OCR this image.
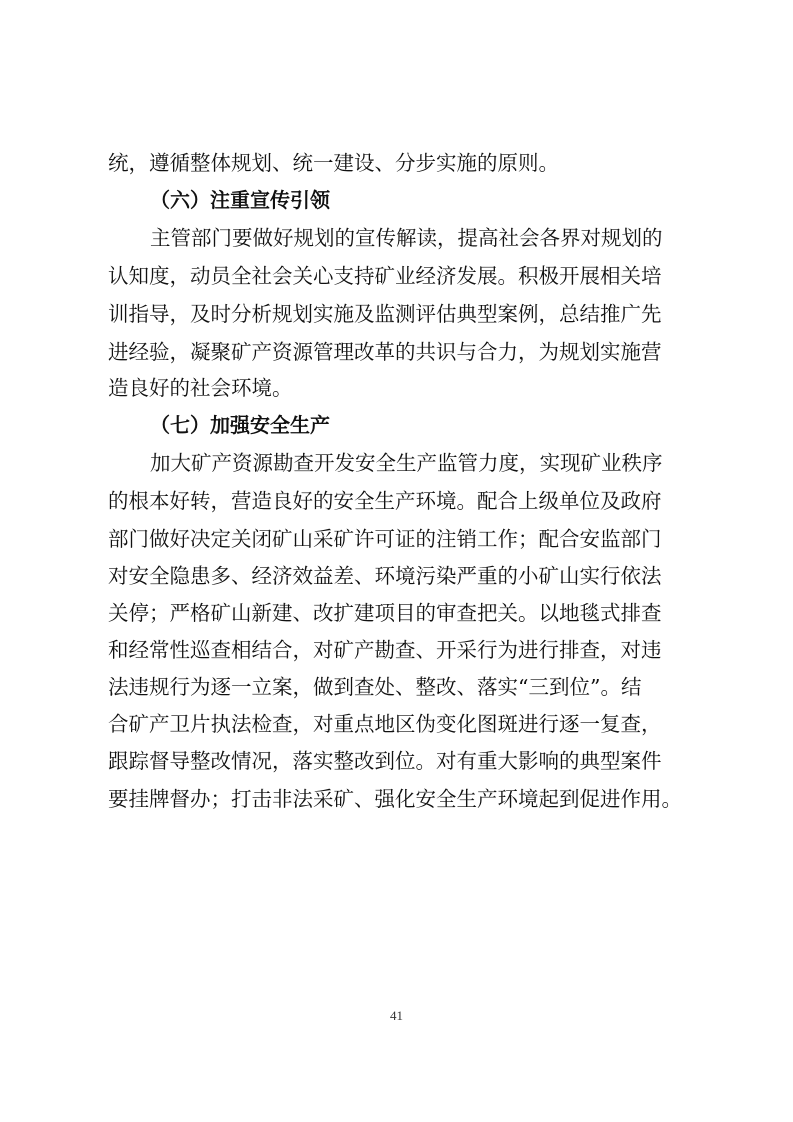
统，遵循整体规划、统一建设、分步实施的原则。
（六）注重宣传引领
主管部门要做好规划的宣传解读，提高社会各界对规划的
认知度，动员全社会关心支持矿业经济发展。积极开展相关培
训指导，及时分析规划实施及监测评估典型案例，总结推广先
进经验，凝聚矿产资源管理改革的共识与合力，为规划实施营
造良好的社会环境。
（七）加强安全生产
加大矿产资源勘查开发安全生产监管力度，实现矿业秩序
的根本好转，营造良好的安全生产环境。配合上级单位及政府
部门做好决定关闭矿山采矿许可证的注销工作；配合安监部门
对安全隐患多、经济效益差、环境污染严重的小矿山实行依法
关停；严格矿山新建、改扩建项目的审查把关。以地毯式排查
和经常性巡查相结合，对矿产勘查、开采行为进行排查，对违
法违规行为逐一立案，做到查处、整改、落实“三到位”。结
合矿产卫片执法检查，对重点地区伪变化图斑进行逐一复查，
跟踪督导整改情况，落实整改到位。对有重大影响的典型案件
要挂牌督办；打击非法采矿、强化安全生产环境起到促进作用。
41
